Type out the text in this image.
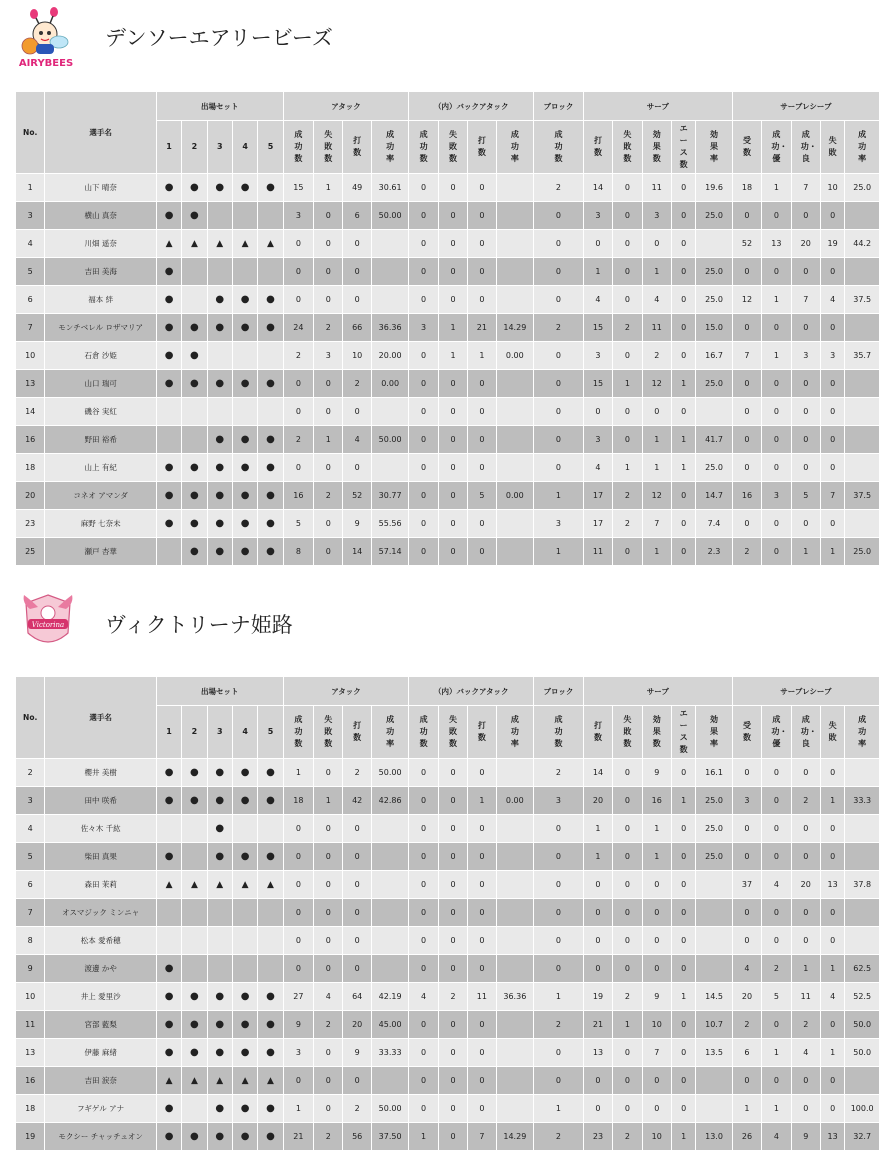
AIRYBEES
デンソーエアリービーズ
No.	選手名	出場セット					アタック				（内）バックアタック				ブロック	サーブ					サーブレシーブ				
		1	2	3	4	5	成功数	失敗数	打数	成功率	成功数	失敗数	打数	成功率	成功数	打数	失敗数	効果数	エース数	効果率	受数	成功・優	成功・良	失敗	成功率
1	山下 晴奈	●	●	●	●	●	15	1	49	30.61	0	0	0		2	14	0	11	0	19.6	18	1	7	10	25.0
3	横山 真奈	●	●				3	0	6	50.00	0	0	0		0	3	0	3	0	25.0	0	0	0	0	
4	川畑 遥奈	▲	▲	▲	▲	▲	0	0	0		0	0	0		0	0	0	0	0		52	13	20	19	44.2
5	吉田 美海	●					0	0	0		0	0	0		0	1	0	1	0	25.0	0	0	0	0	
6	福本 絆	●		●	●	●	0	0	0		0	0	0		0	4	0	4	0	25.0	12	1	7	4	37.5
7	モンチベレル ロザマリア	●	●	●	●	●	24	2	66	36.36	3	1	21	14.29	2	15	2	11	0	15.0	0	0	0	0	
10	石倉 沙姫	●	●				2	3	10	20.00	0	1	1	0.00	0	3	0	2	0	16.7	7	1	3	3	35.7
13	山口 瑞可	●	●	●	●	●	0	0	2	0.00	0	0	0		0	15	1	12	1	25.0	0	0	0	0	
14	磯谷 実紅						0	0	0		0	0	0		0	0	0	0	0		0	0	0	0	
16	野田 裕希			●	●	●	2	1	4	50.00	0	0	0		0	3	0	1	1	41.7	0	0	0	0	
18	山上 有紀	●	●	●	●	●	0	0	0		0	0	0		0	4	1	1	1	25.0	0	0	0	0	
20	コネオ アマンダ	●	●	●	●	●	16	2	52	30.77	0	0	5	0.00	1	17	2	12	0	14.7	16	3	5	7	37.5
23	麻野 七奈未	●	●	●	●	●	5	0	9	55.56	0	0	0		3	17	2	7	0	7.4	0	0	0	0	
25	瀬戸 杏華		●	●	●	●	8	0	14	57.14	0	0	0		1	11	0	1	0	2.3	2	0	1	1	25.0
Victorina ヴィクトリーナ姫路
No.	選手名	出場セット					アタック				（内）バックアタック				ブロック	サーブ					サーブレシーブ				
		1	2	3	4	5	成功数	失敗数	打数	成功率	成功数	失敗数	打数	成功率	成功数	打数	失敗数	効果数	エース数	効果率	受数	成功・優	成功・良	失敗	成功率
2	櫻井 美樹	●	●	●	●	●	1	0	2	50.00	0	0	0		2	14	0	9	0	16.1	0	0	0	0	
3	田中 咲希	●	●	●	●	●	18	1	42	42.86	0	0	1	0.00	3	20	0	16	1	25.0	3	0	2	1	33.3
4	佐々木 千紘			●			0	0	0		0	0	0		0	1	0	1	0	25.0	0	0	0	0	
5	柴田 真果	●		●	●	●	0	0	0		0	0	0		0	1	0	1	0	25.0	0	0	0	0	
6	森田 茉莉	▲	▲	▲	▲	▲	0	0	0		0	0	0		0	0	0	0	0		37	4	20	13	37.8
7	オスマジック ミンニャ						0	0	0		0	0	0		0	0	0	0	0		0	0	0	0	
8	松本 愛希穂						0	0	0		0	0	0		0	0	0	0	0		0	0	0	0	
9	渡邊 かや	●					0	0	0		0	0	0		0	0	0	0	0		4	2	1	1	62.5
10	井上 愛里沙	●	●	●	●	●	27	4	64	42.19	4	2	11	36.36	1	19	2	9	1	14.5	20	5	11	4	52.5
11	宮部 藍梨	●	●	●	●	●	9	2	20	45.00	0	0	0		2	21	1	10	0	10.7	2	0	2	0	50.0
13	伊藤 麻緒	●	●	●	●	●	3	0	9	33.33	0	0	0		0	13	0	7	0	13.5	6	1	4	1	50.0
16	吉田 涙奈	▲	▲	▲	▲	▲	0	0	0		0	0	0		0	0	0	0	0		0	0	0	0	
18	フギゲル アナ	●		●	●	●	1	0	2	50.00	0	0	0		1	0	0	0	0		1	1	0	0	100.0
19	モクシー チャッチュオン	●	●	●	●	●	21	2	56	37.50	1	0	7	14.29	2	23	2	10	1	13.0	26	4	9	13	32.7
